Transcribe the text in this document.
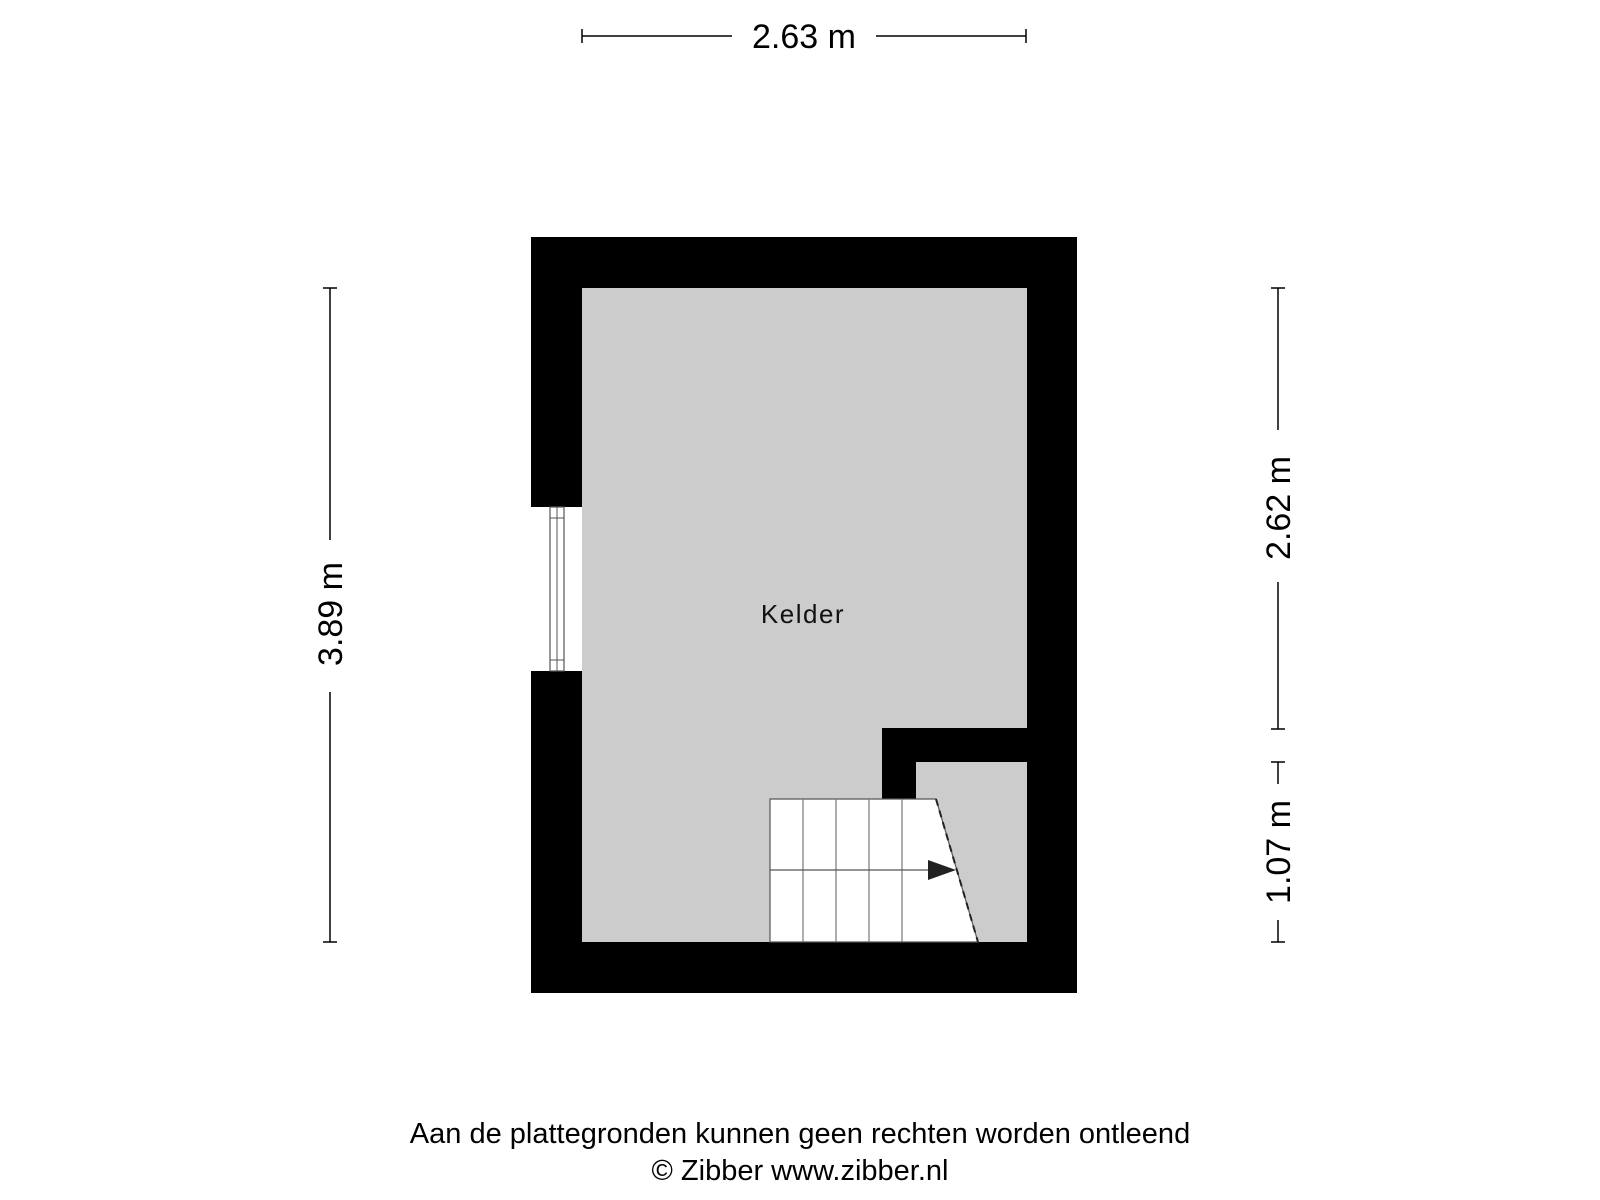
Kelder
2.63 m
3.89 m
2.62 m
1.07 m
Aan de plattegronden kunnen geen rechten worden ontleend
© Zibber www.zibber.nl
